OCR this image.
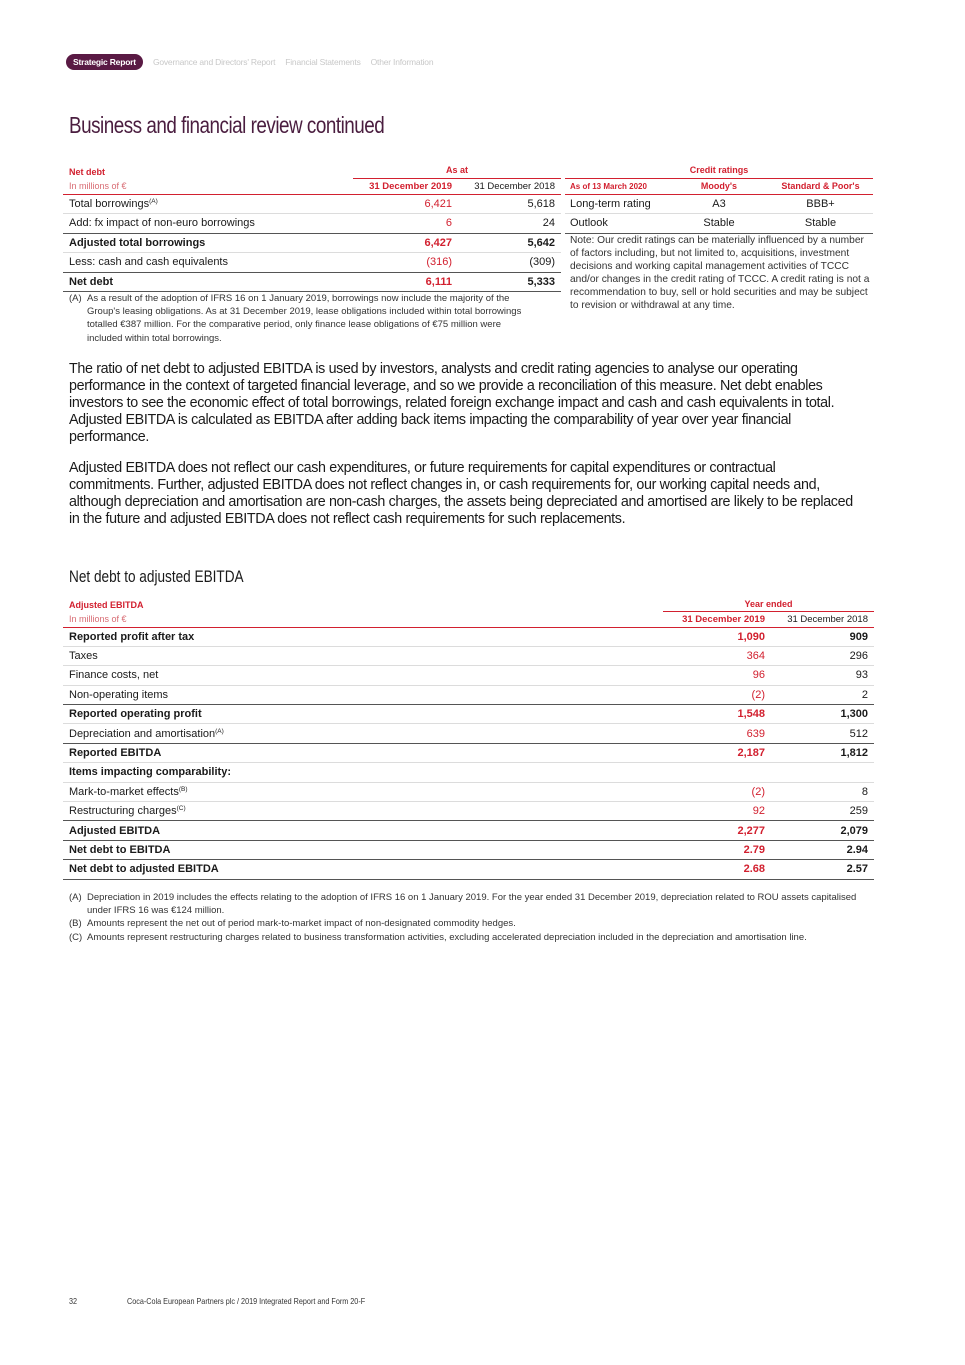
Strategic Report	Governance and Directors' Report Financial Statements Other Information
Business and financial review continued
Net debt	As at	
In millions of €	31 December 2019	31 December 2018
Total borrowings$^{(A)}$	6,421	5,618
Add: fx impact of non-euro borrowings	6	24
Adjusted total borrowings	6,427	5,642
Less: cash and cash equivalents	(316)	(309)
Net debt	6,111	5,333
(A) As a result of the adoption of IFRS 16 on 1 January 2019, borrowings now include the majority of the Group's leasing obligations. As at 31 December 2019, lease obligations included within total borrowings totalled €387 million. For the comparative period, only finance lease obligations of €75 million were included within total borrowings.
Credit ratings		
As of 13 March 2020	Moody's	Standard & Poor's
Long-term rating	A3	BBB+
Outlook	Stable	Stable
Note: Our credit ratings can be materially influenced by a number of factors including, but not limited to, acquisitions, investment decisions and working capital management activities of TCCC and/or changes in the credit rating of TCCC. A credit rating is not a recommendation to buy, sell or hold securities and may be subject to revision or withdrawal at any time.

The ratio of net debt to adjusted EBITDA is used by investors, analysts and credit rating agencies to analyse our operating performance in the context of targeted financial leverage, and so we provide a reconciliation of this measure. Net debt enables investors to see the economic effect of total borrowings, related foreign exchange impact and cash and cash equivalents in total. Adjusted EBITDA is calculated as EBITDA after adding back items impacting the comparability of year over year financial performance.

Adjusted EBITDA does not reflect our cash expenditures, or future requirements for capital expenditures or contractual commitments. Further, adjusted EBITDA does not reflect changes in, or cash requirements for, our working capital needs and, although depreciation and amortisation are non-cash charges, the assets being depreciated and amortised are likely to be replaced in the future and adjusted EBITDA does not reflect cash requirements for such replacements.

Net debt to adjusted EBITDA
Adjusted EBITDA	Year ended	
In millions of €	31 December 2019	31 December 2018
Reported profit after tax	1,090	909
Taxes	364	296
Finance costs, net	96	93
Non-operating items	(2)	2
Reported operating profit	1,548	1,300
Depreciation and amortisation$^{(A)}$	639	512
Reported EBITDA	2,187	1,812
Items impacting comparability:		
Mark-to-market effects$^{(B)}$	(2)	8
Restructuring charges$^{(C)}$	92	259
Adjusted EBITDA	2,277	2,079
Net debt to EBITDA	2.79	2.94
Net debt to adjusted EBITDA	2.68	2.57
(A) Depreciation in 2019 includes the effects relating to the adoption of IFRS 16 on 1 January 2019. For the year ended 31 December 2019, depreciation related to ROU assets capitalised under IFRS 16 was €124 million.
(B) Amounts represent the net out of period mark-to-market impact of non-designated commodity hedges.
(C) Amounts represent restructuring charges related to business transformation activities, excluding accelerated depreciation included in the depreciation and amortisation line.
32	Coca-Cola European Partners plc / 2019 Integrated Report and Form 20-F
